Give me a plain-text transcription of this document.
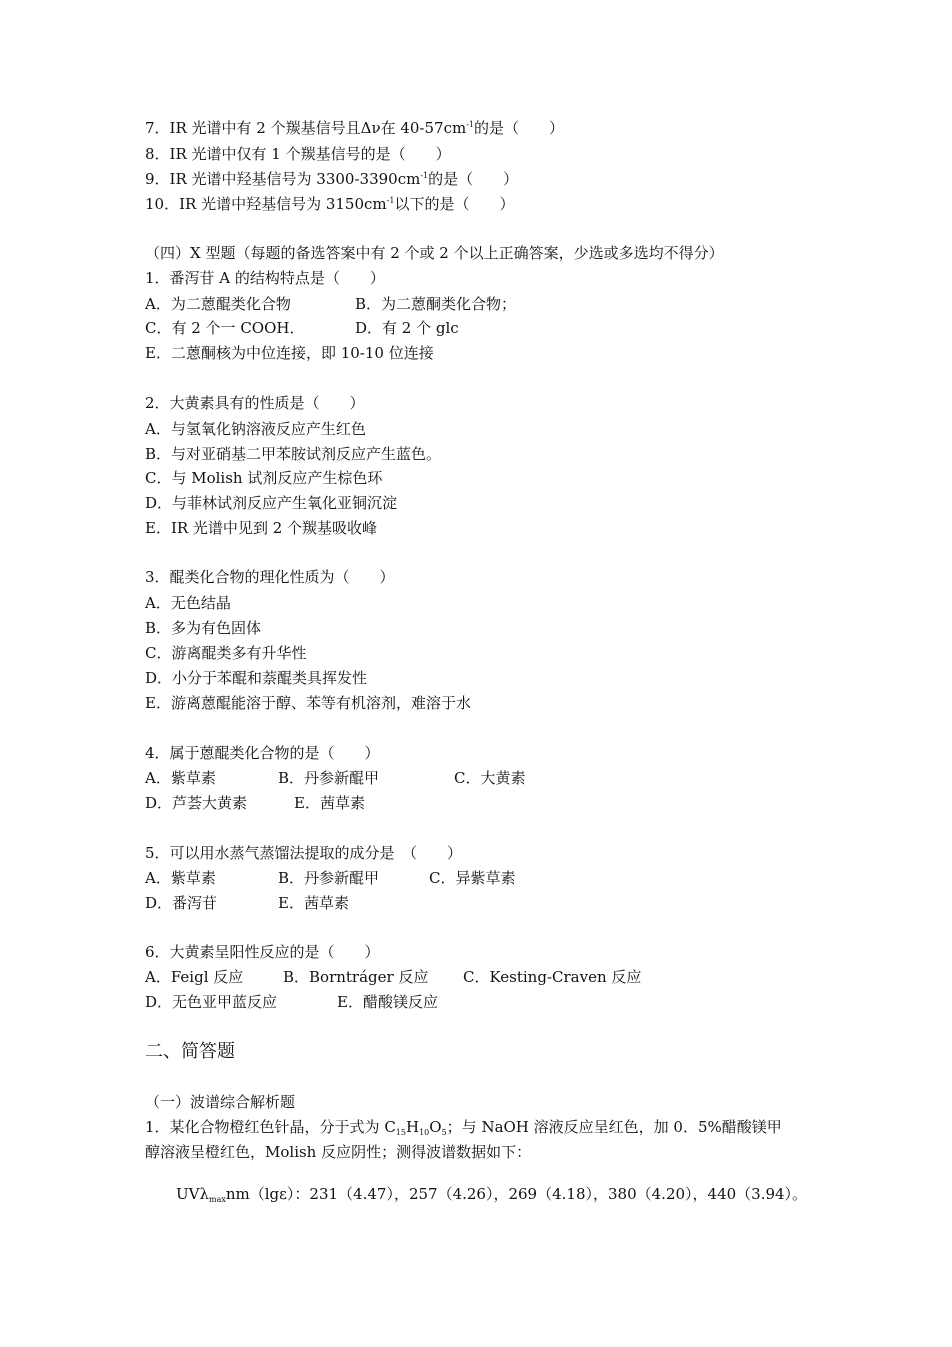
7．IR 光谱中有 2 个羰基信号且Δν在 $40-57cm^{-1}$的是（　　）
8．IR 光谱中仅有 1 个羰基信号的是（　　）
9．IR 光谱中羟基信号为 $3300-3390cm^{-1}$的是（　　）
10．IR 光谱中羟基信号为 $3150cm^{-1}$以下的是（　　）
（四）X 型题（每题的备选答案中有 2 个或 2 个以上正确答案，少选或多选均不得分）
1．番泻苷 A 的结构特点是（　　）
A．为二蒽醌类化合物	B．为二蒽酮类化合物；
C．有 2 个一 COOH．	D．有 2 个 glc
E．二蒽酮核为中位连接，即 10-10 位连接
2．大黄素具有的性质是（　　）
A．与氢氧化钠溶液反应产生红色
B．与对亚硝基二甲苯胺试剂反应产生蓝色。
C．与 Molish 试剂反应产生棕色环
D．与菲林试剂反应产生氧化亚铜沉淀
E．IR 光谱中见到 2 个羰基吸收峰
3．醌类化合物的理化性质为（　　）
A．无色结晶
B．多为有色固体
C．游离醌类多有升华性
D．小分于苯醌和萘醌类具挥发性
E．游离蒽醌能溶于醇、苯等有机溶剂，难溶于水
4．属于蒽醌类化合物的是（　　）
A．紫草素	B．丹参新醌甲	C．大黄素
D．芦荟大黄素	E．茜草素
5．可以用水蒸气蒸馏法提取的成分是　（　　）
A．紫草素	B．丹参新醌甲	C．异紫草素
D．番泻苷	E．茜草素
6．大黄素呈阳性反应的是（　　）
A．Feigl 反应	B．Borntráger 反应 C．Kesting-Craven 反应
D．无色亚甲蓝反应	E．醋酸镁反应
二、简答题
（一）波谱综合解析题
1．某化合物橙红色针晶，分于式为 $C_{15}H_{10}O_5$；与 NaOH 溶液反应呈红色，加 0．5%醋酸镁甲
醇溶液呈橙红色，Molish 反应阴性；测得波谱数据如下：
UVλ$_{max}$nm（lgε）：231（4.47），257（4.26），269（4.18），380（4.20），440（3.94）。
